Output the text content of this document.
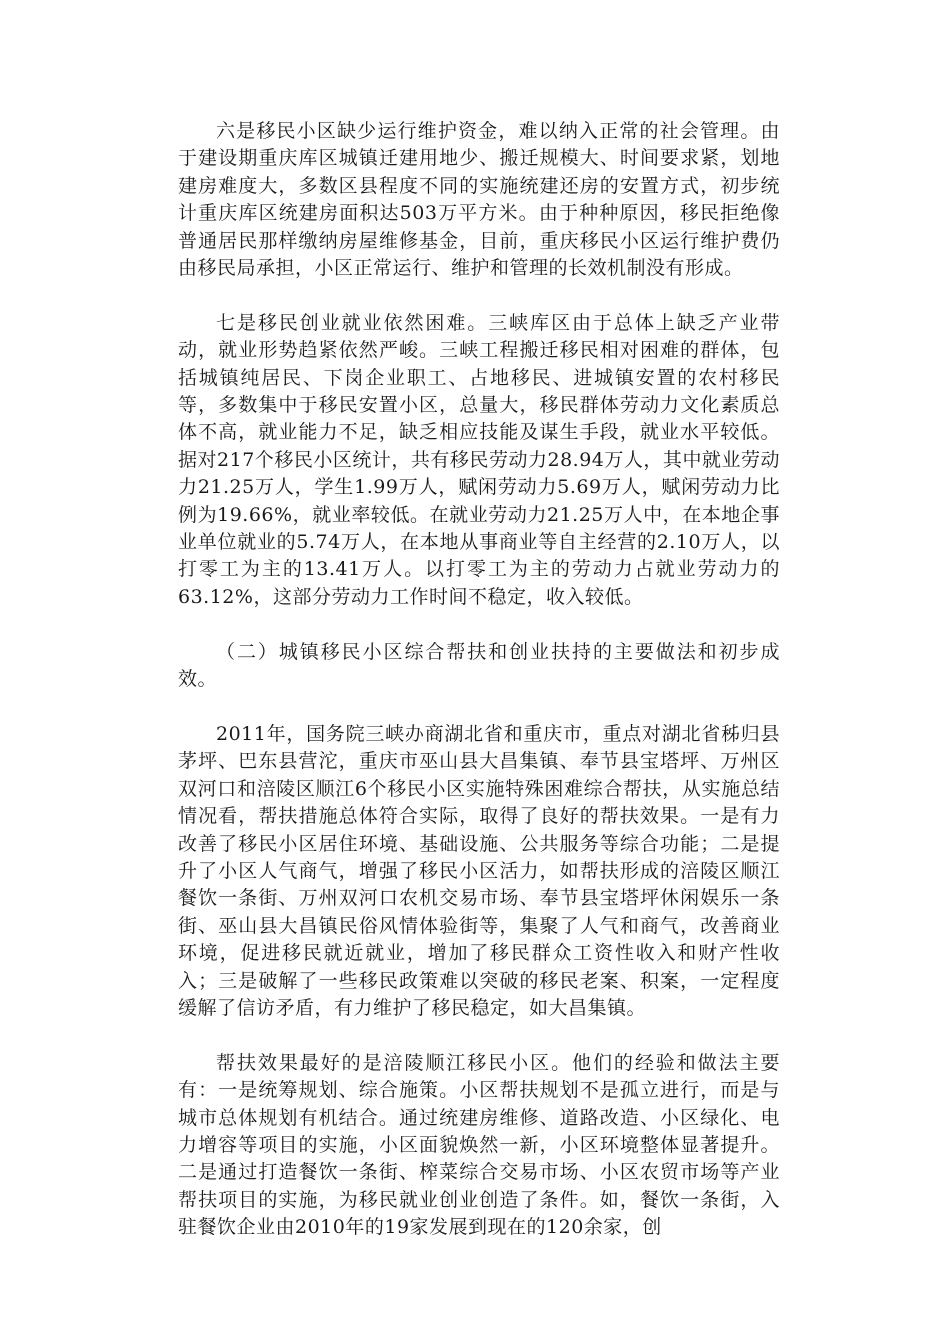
六是移民小区缺少运行维护资金，难以纳入正常的社会管理。由于建设期重庆库区城镇迁建用地少、搬迁规模大、时间要求紧，划地建房难度大，多数区县程度不同的实施统建还房的安置方式，初步统计重庆库区统建房面积达503万平方米。由于种种原因，移民拒绝像普通居民那样缴纳房屋维修基金，目前，重庆移民小区运行维护费仍由移民局承担，小区正常运行、维护和管理的长效机制没有形成。

七是移民创业就业依然困难。三峡库区由于总体上缺乏产业带动，就业形势趋紧依然严峻。三峡工程搬迁移民相对困难的群体，包括城镇纯居民、下岗企业职工、占地移民、进城镇安置的农村移民等，多数集中于移民安置小区，总量大，移民群体劳动力文化素质总体不高，就业能力不足，缺乏相应技能及谋生手段，就业水平较低。据对217个移民小区统计，共有移民劳动力28.94万人，其中就业劳动力21.25万人，学生1.99万人，赋闲劳动力5.69万人，赋闲劳动力比例为19.66%，就业率较低。在就业劳动力21.25万人中，在本地企事业单位就业的5.74万人，在本地从事商业等自主经营的2.10万人，以打零工为主的13.41万人。以打零工为主的劳动力占就业劳动力的63.12%，这部分劳动力工作时间不稳定，收入较低。

（二）城镇移民小区综合帮扶和创业扶持的主要做法和初步成效。

2011年，国务院三峡办商湖北省和重庆市，重点对湖北省秭归县茅坪、巴东县营沱，重庆市巫山县大昌集镇、奉节县宝塔坪、万州区双河口和涪陵区顺江6个移民小区实施特殊困难综合帮扶，从实施总结情况看，帮扶措施总体符合实际，取得了良好的帮扶效果。一是有力改善了移民小区居住环境、基础设施、公共服务等综合功能；二是提升了小区人气商气，增强了移民小区活力，如帮扶形成的涪陵区顺江餐饮一条街、万州双河口农机交易市场、奉节县宝塔坪休闲娱乐一条街、巫山县大昌镇民俗风情体验街等，集聚了人气和商气，改善商业环境，促进移民就近就业，增加了移民群众工资性收入和财产性收入；三是破解了一些移民政策难以突破的移民老案、积案，一定程度缓解了信访矛盾，有力维护了移民稳定，如大昌集镇。

帮扶效果最好的是涪陵顺江移民小区。他们的经验和做法主要有：一是统筹规划、综合施策。小区帮扶规划不是孤立进行，而是与城市总体规划有机结合。通过统建房维修、道路改造、小区绿化、电力增容等项目的实施，小区面貌焕然一新，小区环境整体显著提升。二是通过打造餐饮一条街、榨菜综合交易市场、小区农贸市场等产业帮扶项目的实施，为移民就业创业创造了条件。如，餐饮一条街，入驻餐饮企业由2010年的19家发展到现在的120余家，创
